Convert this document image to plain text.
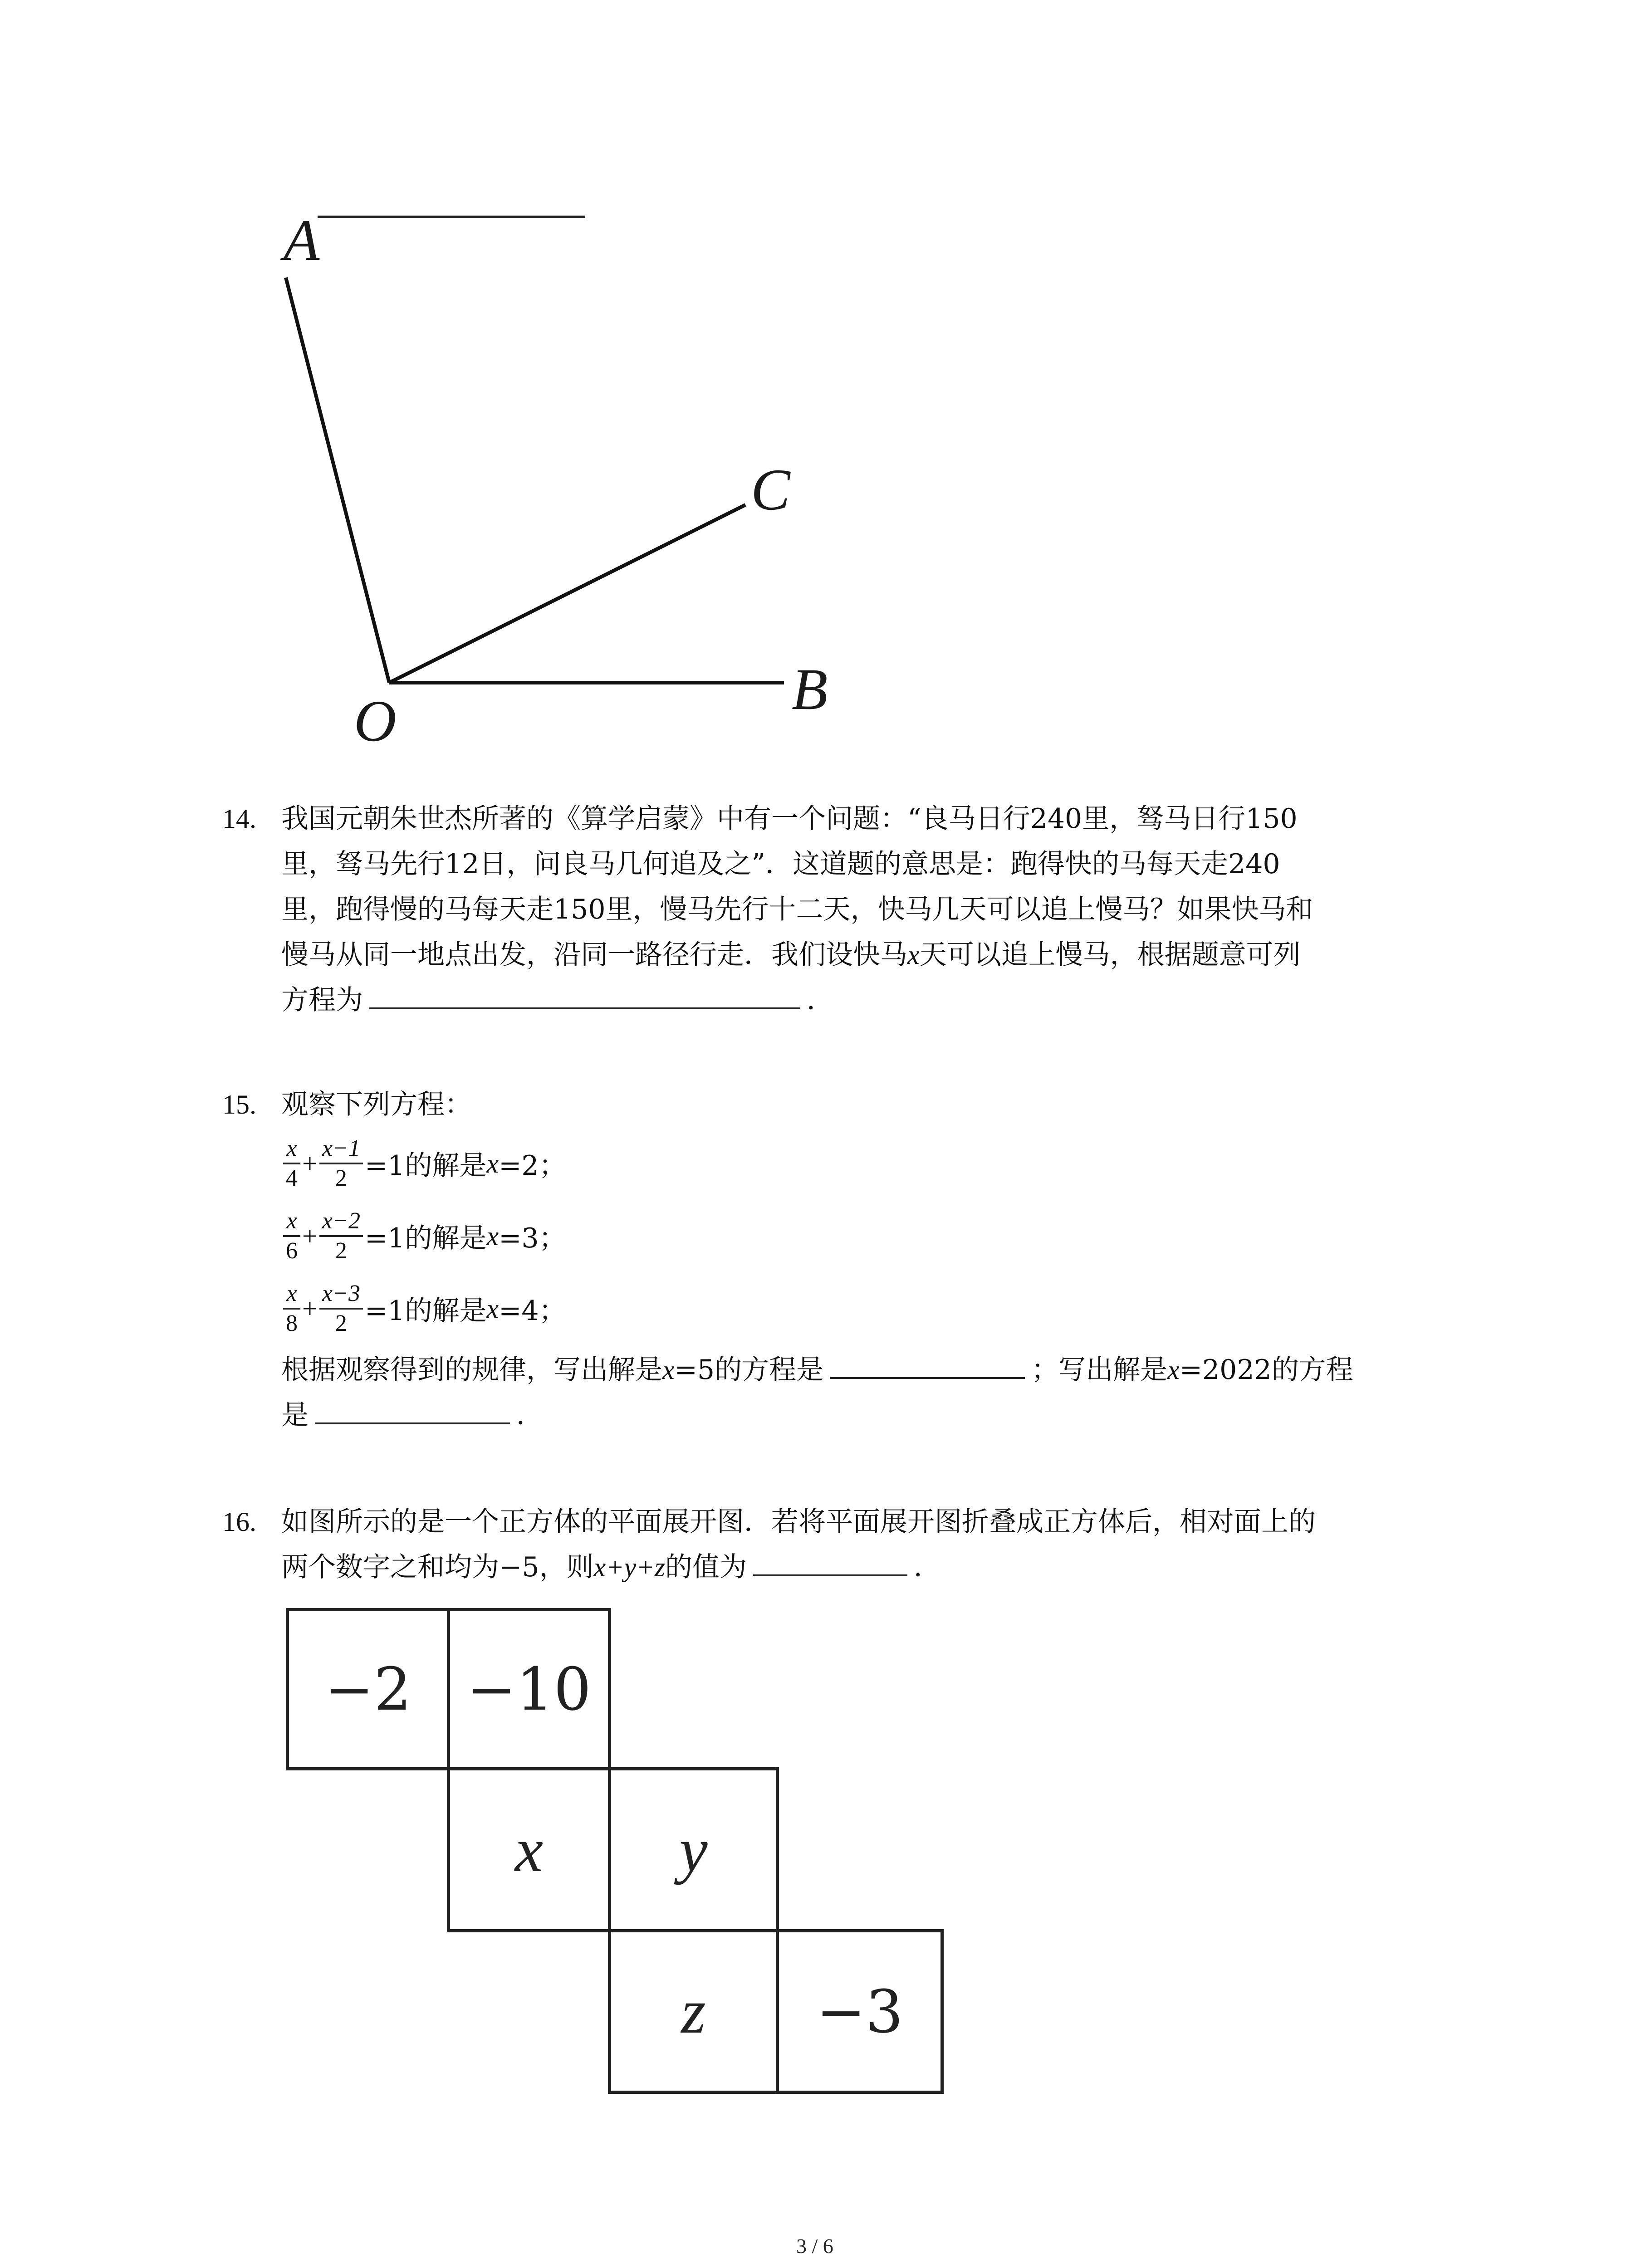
A
C
B
O
14. 我国元朝朱世杰所著的《算学启蒙》中有一个问题：“良马日行240里，驽马日行150
里，驽马先行12日，问良马几何追及之”．这道题的意思是：跑得快的马每天走240
里，跑得慢的马每天走150里，慢马先行十二天，快马几天可以追上慢马？如果快马和
慢马从同一地点出发，沿同一路径行走．我们设快马x天可以追上慢马，根据题意可列
方程为	．
15. 观察下列方程：
$\frac{x}{4} + \frac{x-1}{2} =1$的解是 x =2；
$\frac{x}{6} + \frac{x-2}{2} =1$的解是 x =3；
$\frac{x}{8} + \frac{x-3}{2} =1$的解是 x =4；
根据观察得到的规律，写出解是x=5的方程是	；写出解是x=2022的方程
是	．
16. 如图所示的是一个正方体的平面展开图．若将平面展开图折叠成正方体后，相对面上的
两个数字之和均为−5，则x+y+z的值为	．
−2 −10
x y
z −3
3 / 6
